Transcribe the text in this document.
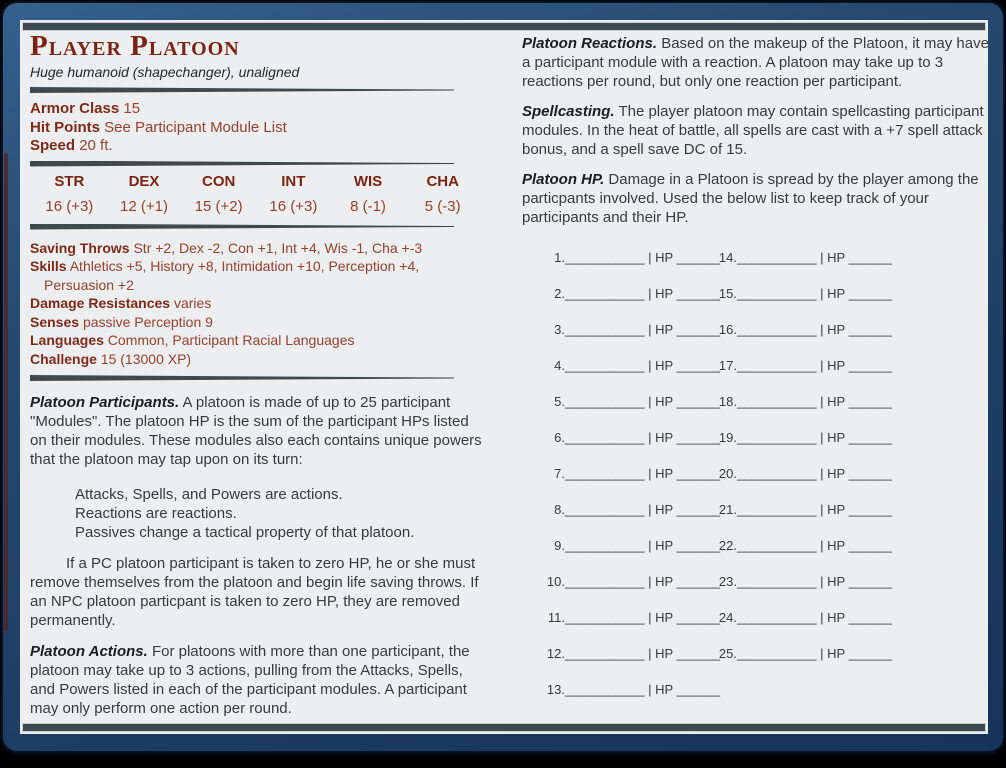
Player Platoon
Huge humanoid (shapechanger), unaligned
Armor Class 15
Hit Points See Participant Module List
Speed 20 ft.
STR
16 (+3)
DEX
12 (+1)
CON
15 (+2)
INT
16 (+3)
WIS
8 (-1)
CHA
5 (-3)
Saving Throws Str +2, Dex -2, Con +1, Int +4, Wis -1, Cha +-3
Skills Athletics +5, History +8, Intimidation +10, Perception +4, Persuasion +2
Damage Resistances varies
Senses passive Perception 9
Languages Common, Participant Racial Languages
Challenge 15 (13000 XP)

Platoon Participants. A platoon is made of up to 25 participant "Modules". The platoon HP is the sum of the participant HPs listed on their modules. These modules also each contains unique powers that the platoon may tap upon on its turn:

Attacks, Spells, and Powers are actions.

Reactions are reactions.

Passives change a tactical property of that platoon.

If a PC platoon participant is taken to zero HP, he or she must remove themselves from the platoon and begin life saving throws. If an NPC platoon particpant is taken to zero HP, they are removed permanently.

Platoon Actions. For platoons with more than one participant, the platoon may take up to 3 actions, pulling from the Attacks, Spells, and Powers listed in each of the participant modules. A participant may only perform one action per round.

Platoon Reactions. Based on the makeup of the Platoon, it may have a participant module with a reaction. A platoon may take up to 3 reactions per round, but only one reaction per participant.

Spellcasting. The player platoon may contain spellcasting participant modules. In the heat of battle, all spells are cast with a +7 spell attack bonus, and a spell save DC of 15.

Platoon HP. Damage in a Platoon is spread by the player among the particpants involved. Used the below list to keep track of your participants and their HP.

1.___________ | HP ______
2.___________ | HP ______
3.___________ | HP ______
4.___________ | HP ______
5.___________ | HP ______
6.___________ | HP ______
7.___________ | HP ______
8.___________ | HP ______
9.___________ | HP ______
10.___________ | HP ______
11.___________ | HP ______
12.___________ | HP ______
13.___________ | HP ______
14.___________ | HP ______
15.___________ | HP ______
16.___________ | HP ______
17.___________ | HP ______
18.___________ | HP ______
19.___________ | HP ______
20.___________ | HP ______
21.___________ | HP ______
22.___________ | HP ______
23.___________ | HP ______
24.___________ | HP ______
25.___________ | HP ______
